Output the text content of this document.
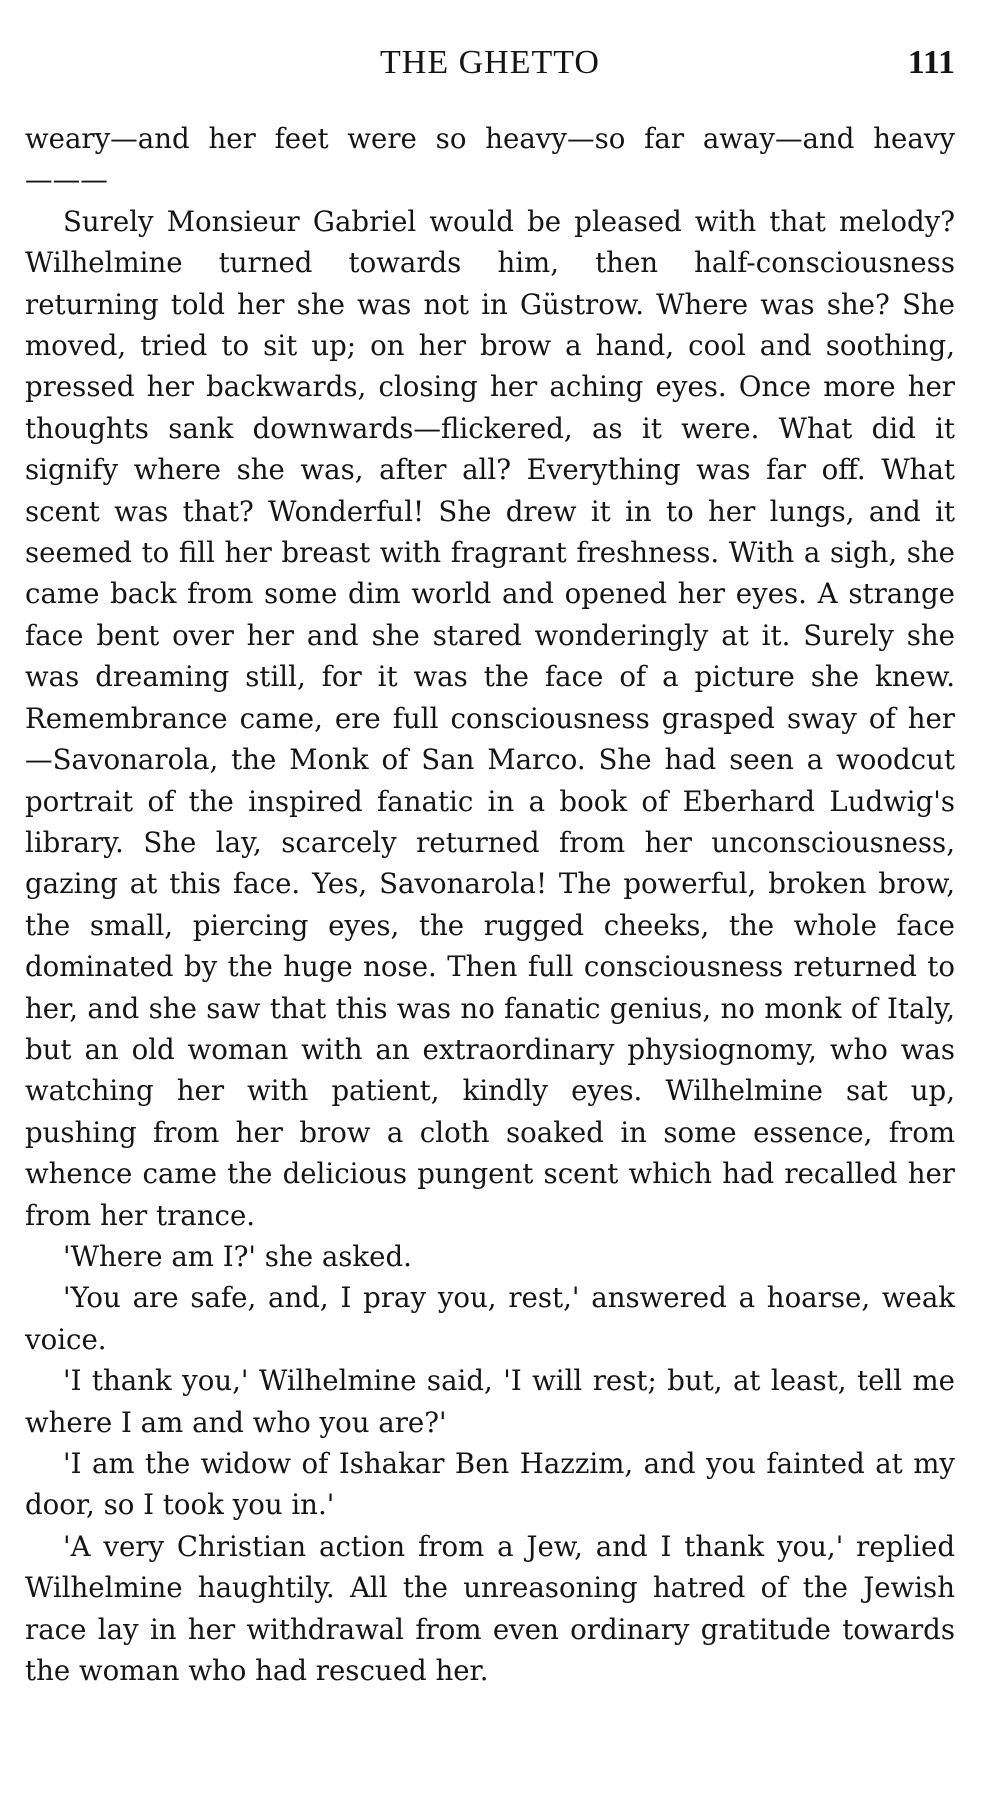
THE GHETTO	111

weary—and her feet were so heavy—so far away—and heavy———

Surely Monsieur Gabriel would be pleased with that melody? Wilhelmine turned towards him, then half-consciousness returning told her she was not in Güstrow. Where was she? She moved, tried to sit up; on her brow a hand, cool and soothing, pressed her backwards, closing her aching eyes. Once more her thoughts sank downwards—flickered, as it were. What did it signify where she was, after all? Everything was far off. What scent was that? Wonderful! She drew it in to her lungs, and it seemed to fill her breast with fragrant freshness. With a sigh, she came back from some dim world and opened her eyes. A strange face bent over her and she stared wonderingly at it. Surely she was dreaming still, for it was the face of a picture she knew. Remembrance came, ere full consciousness grasped sway of her —Savonarola, the Monk of San Marco. She had seen a woodcut portrait of the inspired fanatic in a book of Eberhard Ludwig's library. She lay, scarcely returned from her unconsciousness, gazing at this face. Yes, Savonarola! The powerful, broken brow, the small, piercing eyes, the rugged cheeks, the whole face dominated by the huge nose. Then full consciousness returned to her, and she saw that this was no fanatic genius, no monk of Italy, but an old woman with an extraordinary physiognomy, who was watching her with patient, kindly eyes. Wilhelmine sat up, pushing from her brow a cloth soaked in some essence, from whence came the delicious pungent scent which had recalled her from her trance.

'Where am I?' she asked.

'You are safe, and, I pray you, rest,' answered a hoarse, weak voice.

'I thank you,' Wilhelmine said, 'I will rest; but, at least, tell me where I am and who you are?'

'I am the widow of Ishakar Ben Hazzim, and you fainted at my door, so I took you in.'

'A very Christian action from a Jew, and I thank you,' replied Wilhelmine haughtily. All the unreasoning hatred of the Jewish race lay in her withdrawal from even ordinary gratitude towards the woman who had rescued her.
